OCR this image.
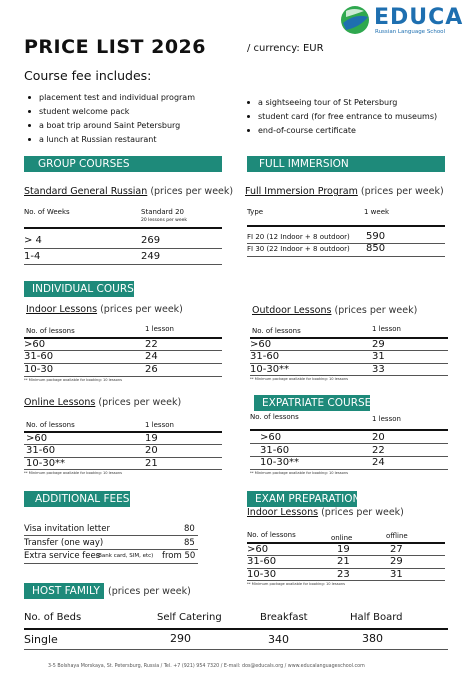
EDUCA
Russian Language School
PRICE LIST 2026	/ currency: EUR
Course fee includes:
placement test and individual program
student welcome pack
a boat trip around Saint Petersburg
a lunch at Russian restaurant
a sightseeing tour of St Petersburg
student card (for free entrance to museums)
end-of-course certificate
GROUP COURSES
Standard General Russian (prices per week)
No. of Weeks	Standard 20
20 lessons per week
> 4	269
1-4	249
FULL IMMERSION
Full Immersion Program (prices per week)
Type	1 week
FI 20 (12 Indoor + 8 outdoor) 590
FI 30 (22 Indoor + 8 outdoor) 850
INDIVIDUAL COURSES
Indoor Lessons (prices per week)
No. of lessons	1 lesson
>60	22
31-60	24
10-30	26
** Minimum package available for booking: 10 lessons
Outdoor Lessons (prices per week)
No. of lessons	1 lesson
>60	29
31-60	31
10-30**	33
** Minimum package available for booking: 10 lessons
Online Lessons (prices per week)
No. of lessons	1 lesson
>60	19
31-60	20
10-30**	21
** Minimum package available for booking: 10 lessons
EXPATRIATE COURSE
No. of lessons	1 lesson
>60	20
31-60	22
10-30**	24
** Minimum package available for booking: 10 lessons
ADDITIONAL FEES
Visa invitation letter	80
Transfer (one way)	85
Extra service fees
(Bank card, SIM, etc) from 50
EXAM PREPARATION
Indoor Lessons (prices per week)
No. of lessons	online	offline
>60	19	27
31-60	21	29
10-30	23	31
** Minimum package available for booking: 10 lessons
HOST FAMILY (prices per week)
No. of Beds	Self Catering	Breakfast	Half Board
Single	290	340	380
3-5 Bolshaya Morskaya, St. Petersburg, Russia / Tel. +7 (921) 954 7320 / E-mail: dos@educals.org / www.educalanguageschool.com
